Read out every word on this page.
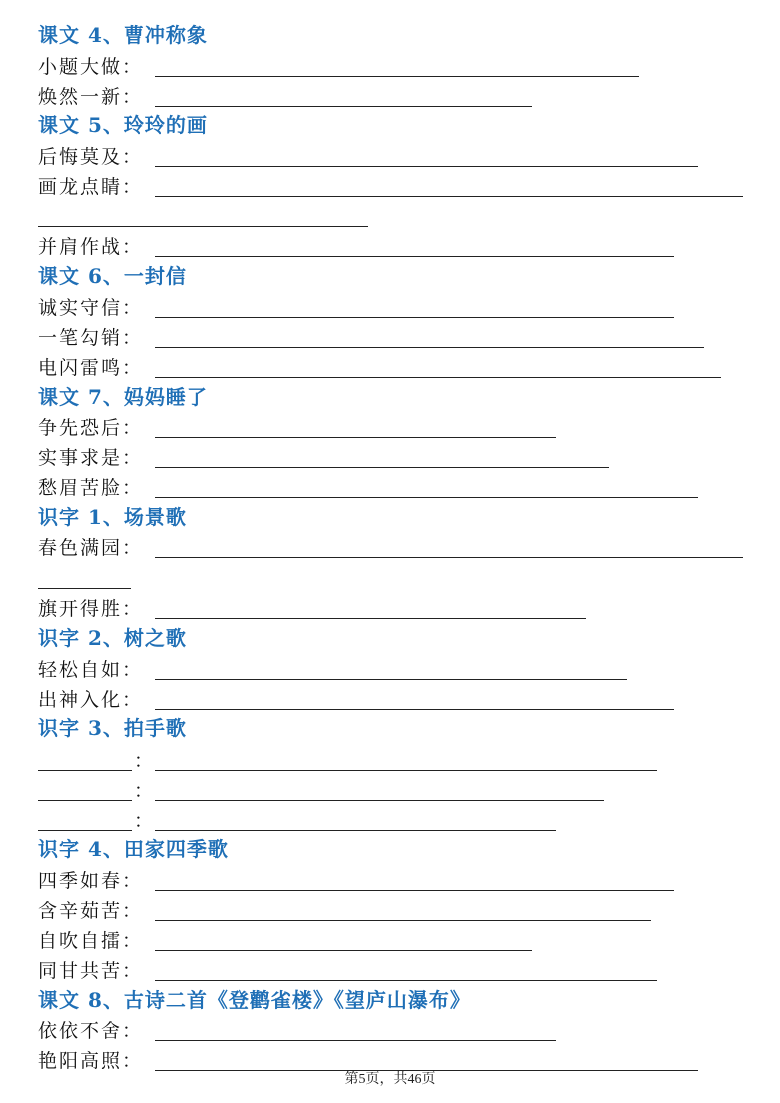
课文 4、曹冲称象
小题大做：
焕然一新：
课文 5、玲玲的画
后悔莫及：
画龙点睛：
并肩作战：
课文 6、一封信
诚实守信：
一笔勾销：
电闪雷鸣：
课文 7、妈妈睡了
争先恐后：
实事求是：
愁眉苦脸：
识字 1、场景歌
春色满园：
旗开得胜：
识字 2、树之歌
轻松自如：
出神入化：
识字 3、拍手歌
：
：
：
识字 4、田家四季歌
四季如春：
含辛茹苦：
自吹自擂：
同甘共苦：
课文 8、古诗二首《登鹳雀楼》《望庐山瀑布》
依依不舍：
艳阳高照：
第5页，共46页
